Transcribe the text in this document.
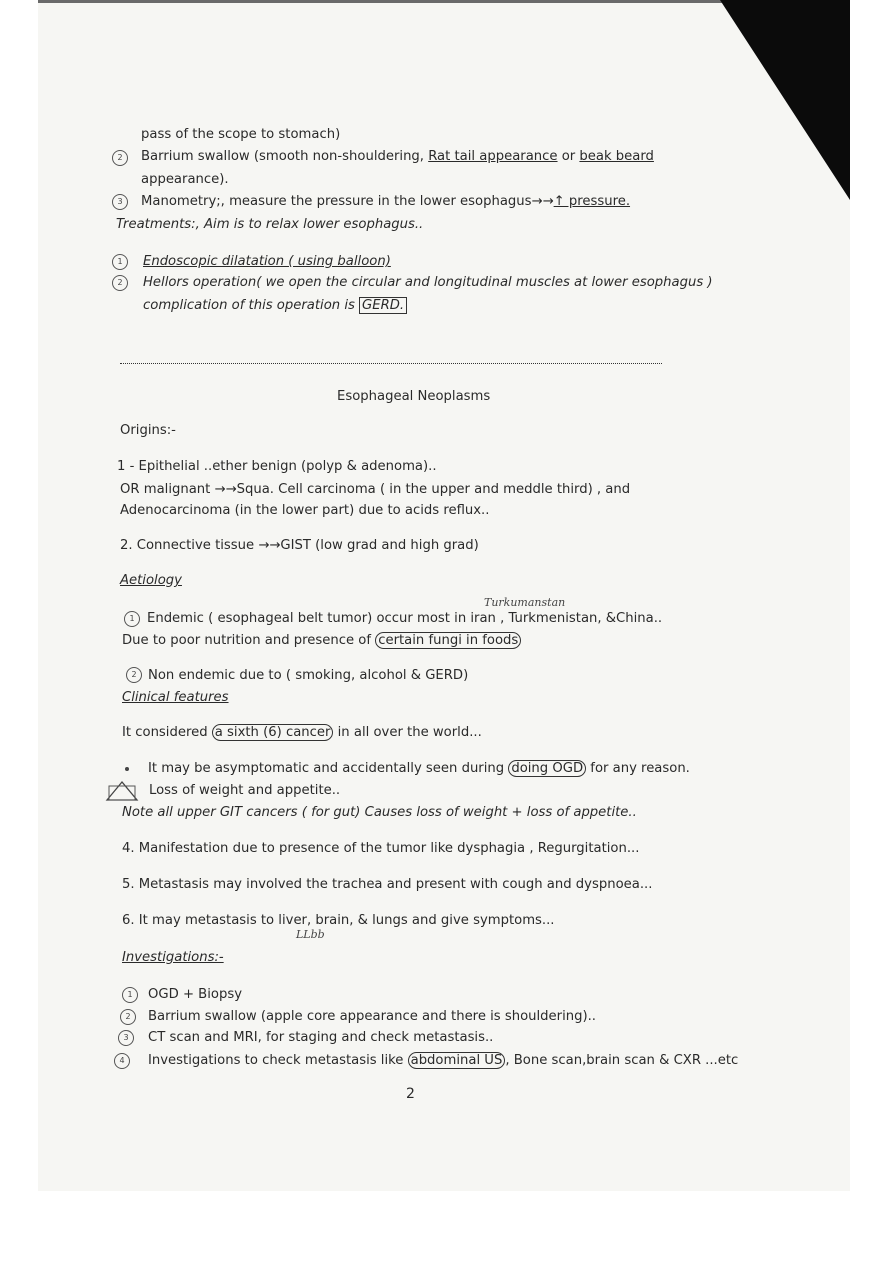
pass of the scope to stomach)
2	Barrium swallow (smooth non-shouldering, Rat tail appearance or beak beard
appearance).
3	Manometry;, measure the pressure in the lower esophagus→→↑ pressure.
Treatments:, Aim is to relax lower esophagus..
1	Endoscopic dilatation ( using balloon)
2	Hellors operation( we open the circular and longitudinal muscles at lower esophagus )
complication of this operation is GERD.
Esophageal Neoplasms
Origins:-
1 - Epithelial ..ether benign (polyp & adenoma)..
OR malignant →→Squa. Cell carcinoma ( in the upper and meddle third) , and
Adenocarcinoma (in the lower part) due to acids reflux..
2. Connective tissue →→GIST (low grad and high grad)
Aetiology
Turkumanstan
1 Endemic ( esophageal belt tumor) occur most in iran , Turkmenistan, &China..
Due to poor nutrition and presence of certain fungi in foods
2 Non endemic due to ( smoking, alcohol & GERD)
Clinical features
It considered a sixth (6) cancer in all over the world...
It may be asymptomatic and accidentally seen during doing OGD for any reason.
Loss of weight and appetite..
Note all upper GIT cancers ( for gut) Causes loss of weight + loss of appetite..
4. Manifestation due to presence of the tumor like dysphagia , Regurgitation...
5. Metastasis may involved the trachea and present with cough and dyspnoea...
6. It may metastasis to liver, brain, & lungs and give symptoms...
LLbb
Investigations:-
1	OGD + Biopsy
2	Barrium swallow (apple core appearance and there is shouldering)..
3	CT scan and MRI, for staging and check metastasis..
4	Investigations to check metastasis like abdominal US , Bone scan,brain scan & CXR ...etc
2
